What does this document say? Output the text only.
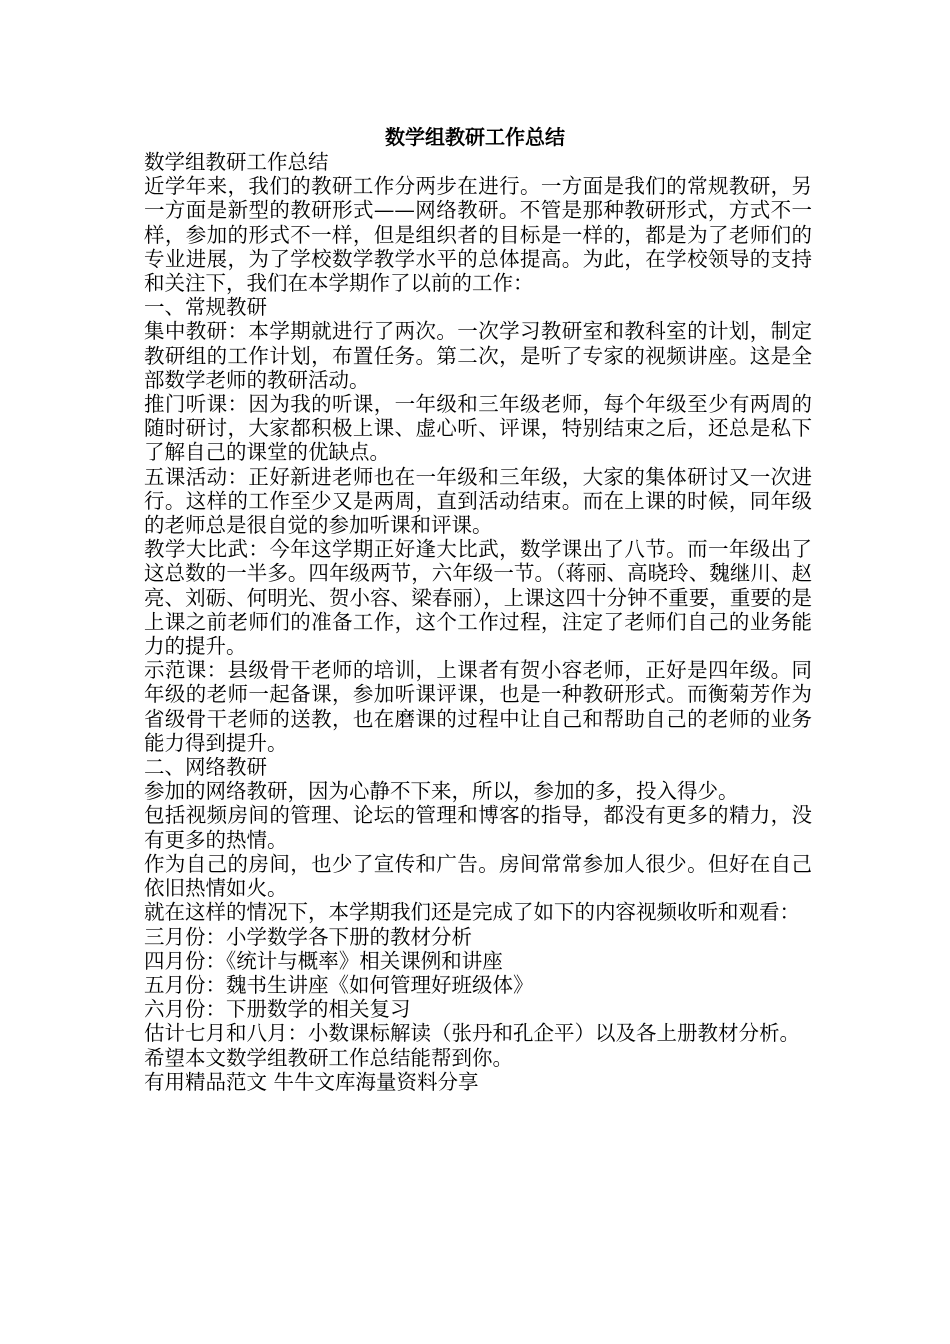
数学组教研工作总结

数学组教研工作总结

近学年来，我们的教研工作分两步在进行。一方面是我们的常规教研，另一方面是新型的教研形式——网络教研。不管是那种教研形式，方式不一样，参加的形式不一样，但是组织者的目标是一样的，都是为了老师们的专业进展，为了学校数学教学水平的总体提高。为此，在学校领导的支持和关注下，我们在本学期作了以前的工作：

一、常规教研

集中教研：本学期就进行了两次。一次学习教研室和教科室的计划，制定教研组的工作计划，布置任务。第二次，是听了专家的视频讲座。这是全部数学老师的教研活动。

推门听课：因为我的听课，一年级和三年级老师，每个年级至少有两周的随时研讨，大家都积极上课、虚心听、评课，特别结束之后，还总是私下了解自己的课堂的优缺点。

五课活动：正好新进老师也在一年级和三年级，大家的集体研讨又一次进行。这样的工作至少又是两周，直到活动结束。而在上课的时候，同年级的老师总是很自觉的参加听课和评课。

教学大比武：今年这学期正好逢大比武，数学课出了八节。而一年级出了这总数的一半多。四年级两节，六年级一节。（蒋丽、高晓玲、魏继川、赵亮、刘砺、何明光、贺小容、梁春丽），上课这四十分钟不重要，重要的是上课之前老师们的准备工作，这个工作过程，注定了老师们自己的业务能力的提升。

示范课：县级骨干老师的培训，上课者有贺小容老师，正好是四年级。同年级的老师一起备课，参加听课评课，也是一种教研形式。而衡菊芳作为省级骨干老师的送教，也在磨课的过程中让自己和帮助自己的老师的业务能力得到提升。

二、网络教研

参加的网络教研，因为心静不下来，所以，参加的多，投入得少。

包括视频房间的管理、论坛的管理和博客的指导，都没有更多的精力，没有更多的热情。

作为自己的房间，也少了宣传和广告。房间常常参加人很少。但好在自己依旧热情如火。

就在这样的情况下，本学期我们还是完成了如下的内容视频收听和观看：

三月份：小学数学各下册的教材分析

四月份：《统计与概率》相关课例和讲座

五月份：魏书生讲座《如何管理好班级体》

六月份：下册数学的相关复习

估计七月和八月：小数课标解读（张丹和孔企平）以及各上册教材分析。

希望本文数学组教研工作总结能帮到你。

有用精品范文 牛牛文库海量资料分享
